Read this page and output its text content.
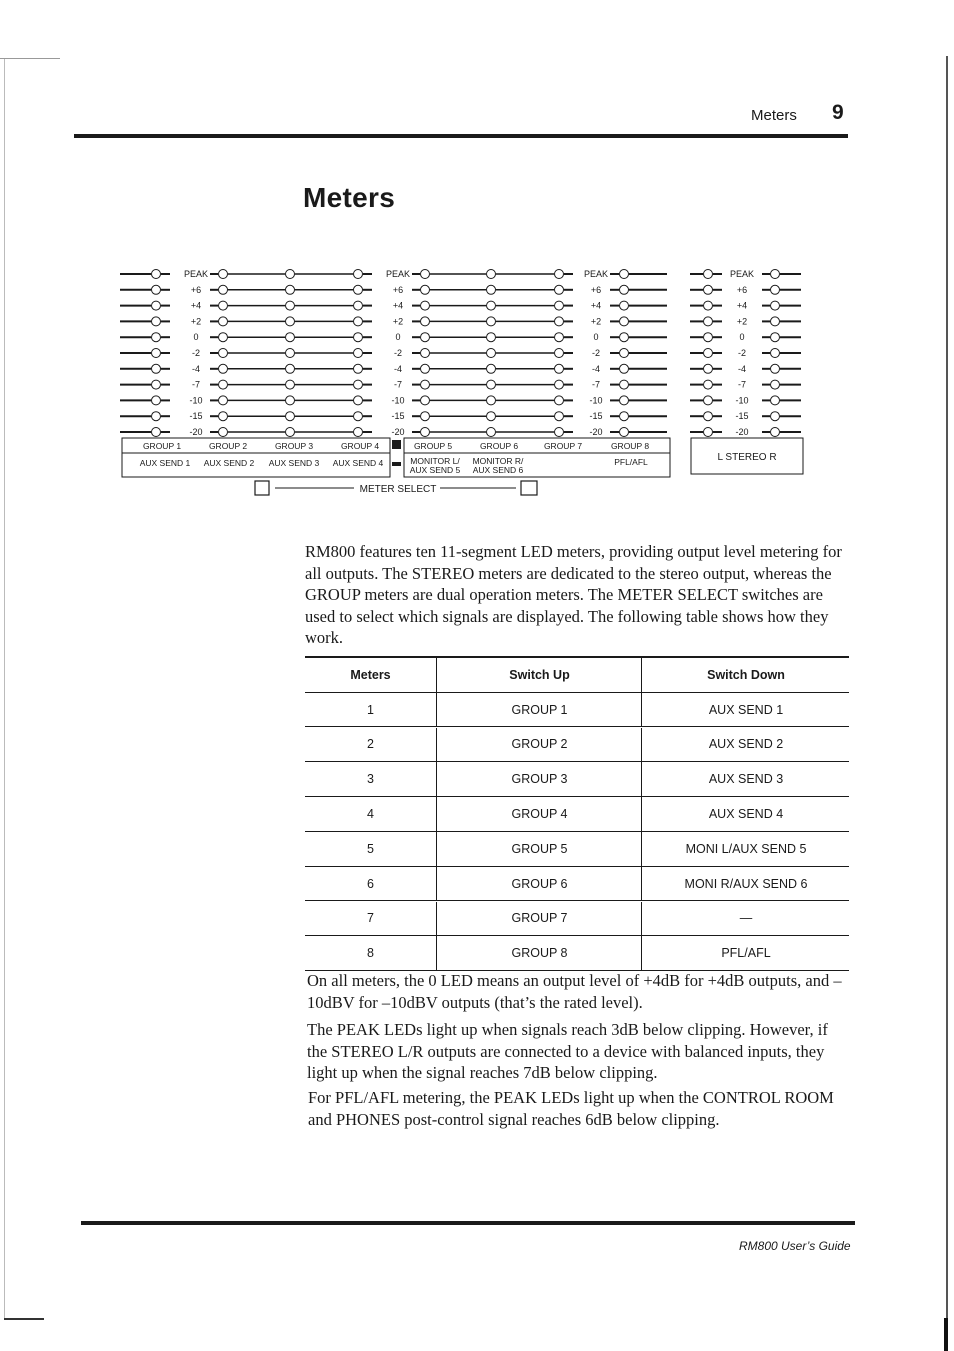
Meters 9
Meters
PEAK	PEAK	PEAK	PEAK
+6	+6	+6	+6
+4	+4	+4	+4
+2	+2	+2	+2
0	0	0	0
-2	-2	-2	-2
-4	-4	-4	-4
-7	-7	-7	-7
-10	-10	-10	-10
-15	-15	-15	-15
-20	-20	-20	-20
GROUP 1	GROUP 2	GROUP 3	GROUP 4	GROUP 5	GROUP 6	GROUP 7	GROUP 8
AUX SEND 1 AUX SEND 2 AUX SEND 3 AUX SEND 4	MONITOR L/
AUX SEND 5
MONITOR R/
AUX SEND 6
PFL/AFL	L STEREO R
METER SELECT

RM800 features ten 11-segment LED meters, providing output level metering for all outputs. The STEREO meters are dedicated to the stereo output, whereas the GROUP meters are dual operation meters. The METER SELECT switches are used to select which signals are displayed. The following table shows how they work.

Meters	Switch Up	Switch Down
1	GROUP 1	AUX SEND 1
2	GROUP 2	AUX SEND 2
3	GROUP 3	AUX SEND 3
4	GROUP 4	AUX SEND 4
5	GROUP 5	MONI L/AUX SEND 5
6	GROUP 6	MONI R/AUX SEND 6
7	GROUP 7	—
8	GROUP 8	PFL/AFL

On all meters, the 0 LED means an output level of +4dB for +4dB outputs, and –10dBV for –10dBV outputs (that’s the rated level).

The PEAK LEDs light up when signals reach 3dB below clipping. However, if the STEREO L/R outputs are connected to a device with balanced inputs, they light up when the signal reaches 7dB below clipping.

For PFL/AFL metering, the PEAK LEDs light up when the CONTROL ROOM and PHONES post-control signal reaches 6dB below clipping.

RM800 User’s Guide
